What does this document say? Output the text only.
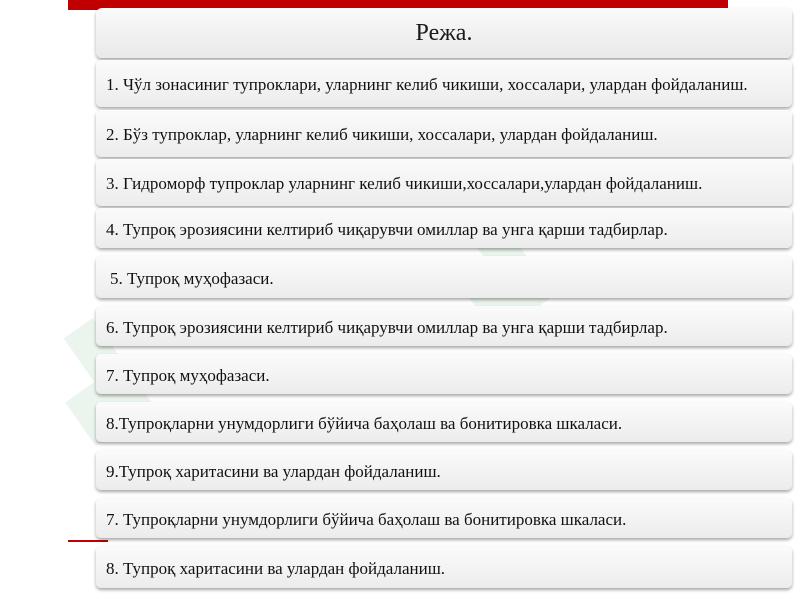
▟
Режа.
1. Чўл зонасиниг тупроклари, уларнинг келиб чикиши, хоссалари, улардан фойдаланиш.
2. Бўз тупроклар, уларнинг келиб чикиши, хоссалари, улардан фойдаланиш.
3. Гидроморф тупроклар уларнинг келиб чикиши,хоссалари,улардан фойдаланиш.
4. Тупроқ эрозиясини келтириб чиқарувчи омиллар ва унга қарши тадбирлар.
5. Тупроқ муҳофазаси.
6. Тупроқ эрозиясини келтириб чиқарувчи омиллар ва унга қарши тадбирлар.
7. Тупроқ муҳофазаси.
8.Тупроқларни унумдорлиги бўйича баҳолаш ва бонитировка шкаласи.
9.Тупроқ харитасини ва улардан фойдаланиш.
7. Тупроқларни унумдорлиги бўйича баҳолаш ва бонитировка шкаласи.
8. Тупроқ харитасини ва улардан фойдаланиш.
